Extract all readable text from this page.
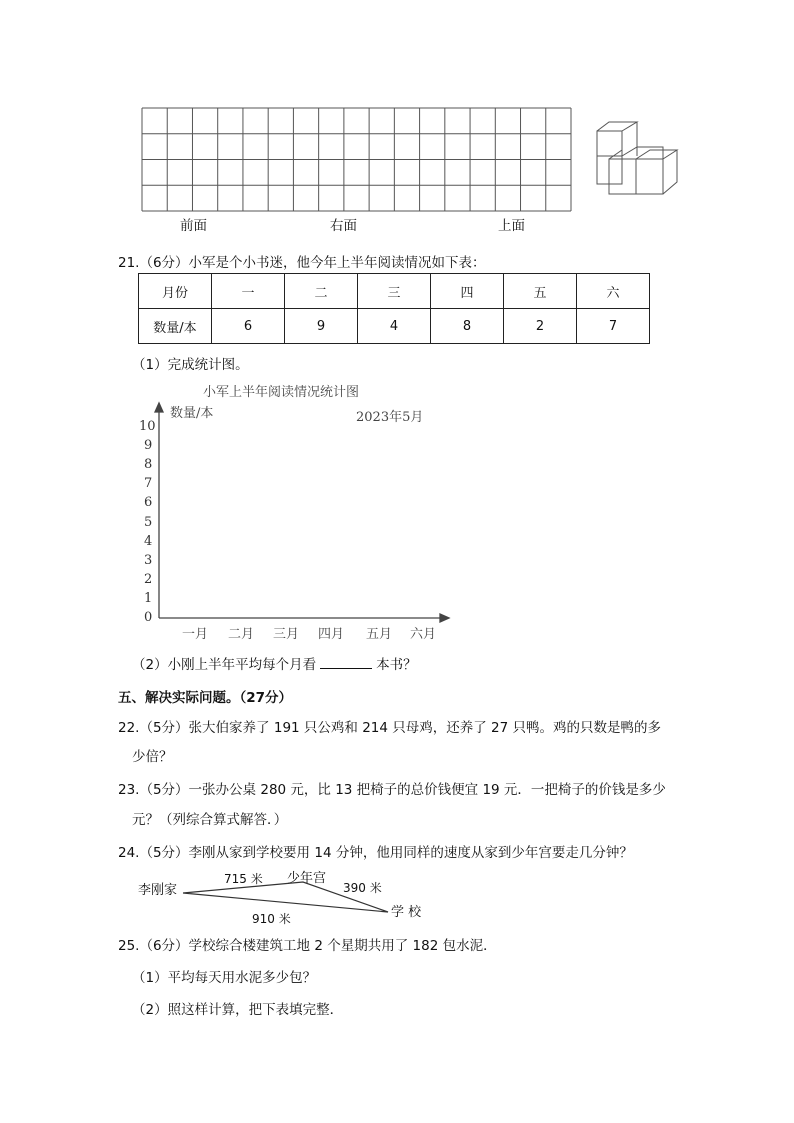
前面	右面	上面
21.（6分）小军是个小书迷，他今年上半年阅读情况如下表：
月份	一	二	三	四	五	六
数量/本	6	9	4	8	2	7
（1）完成统计图。
小军上半年阅读情况统计图
数量/本	2023年5月
0
1
2
3
4
5
6
7
8
9
10
一月 二月 三月 四月 五月 六月
（2）小刚上半年平均每个月看	本书？
五、解决实际问题。（27分）
22.（5分）张大伯家养了 191 只公鸡和 214 只母鸡，还养了 27 只鸭。鸡的只数是鸭的多
少倍？
23.（5分）一张办公桌 280 元，比 13 把椅子的总价钱便宜 19 元．一把椅子的价钱是多少
元？（列综合算式解答．）
24.（5分）李刚从家到学校要用 14 分钟，他用同样的速度从家到少年宫要走几分钟？
李刚家
少年宫
学 校
715 米
390 米
910 米
25.（6分）学校综合楼建筑工地 2 个星期共用了 182 包水泥．
（1）平均每天用水泥多少包？
（2）照这样计算，把下表填完整．
